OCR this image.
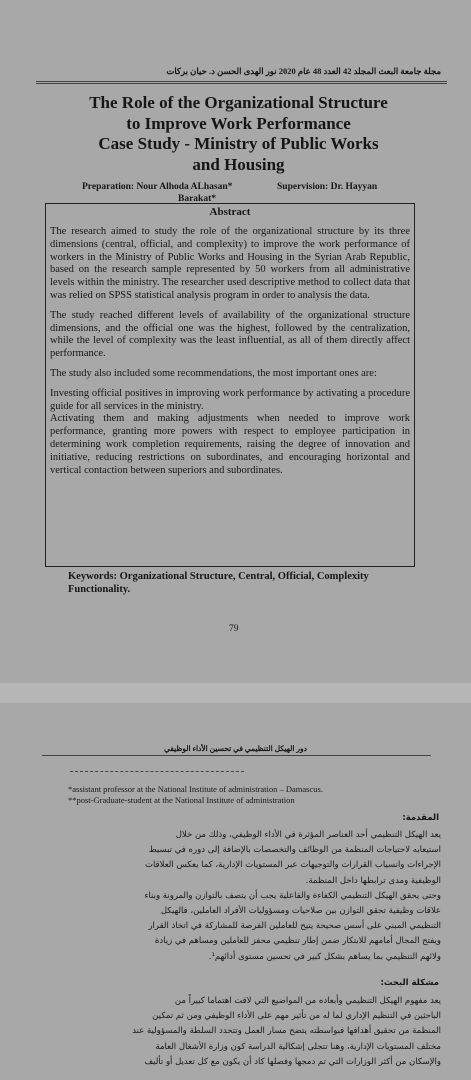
مجلة جامعة البعث المجلد 42 العدد 48 عام 2020 نور الهدى الحسن د. حيان بركات
The Role of the Organizational Structure
to Improve Work Performance
Case Study - Ministry of Public Works
and Housing
Preparation: Nour Alhoda ALhasan*	Supervision: Dr. Hayyan
Barakat*
Abstract

The research aimed to study the role of the organizational structure by its three dimensions (central, official, and complexity) to improve the work performance of workers in the Ministry of Public Works and Housing in the Syrian Arab Republic, based on the research sample represented by 50 workers from all administrative levels within the ministry. The researcher used descriptive method to collect data that was relied on SPSS statistical analysis program in order to analysis the data.

The study reached different levels of availability of the organizational structure dimensions, and the official one was the highest, followed by the centralization, while the level of complexity was the least influential, as all of them directly affect performance.

The study also included some recommendations, the most important ones are:

Investing official positives in improving work performance by activating a procedure guide for all services in the ministry.

Activating them and making adjustments when needed to improve work performance, granting more powers with respect to employee participation in determining work completion requirements, raising the degree of innovation and initiative, reducing restrictions on subordinates, and encouraging horizontal and vertical contaction between superiors and subordinates.

Keywords: Organizational Structure, Central, Official, Complexity Functionality.
79
دور الهيكل التنظيمي في تحسين الأداء الوظيفي
*assistant professor at the National Institute of administration – Damascus.
**post-Graduate-student at the National Institute of administration
المقدمة:
يعد الهيكل التنظيمي أحد العناصر المؤثرة في الأداء الوظيفي، وذلك من خلال
استيعابه لاحتياجات المنظمة من الوظائف والتخصصات بالإضافة إلى دوره في تبسيط
الإجراءات وانسياب القرارات والتوجيهات عبر المستويات الإدارية، كما يعكس العلاقات
الوظيفية ومدى ترابطها داخل المنظمة.
وحتى يحقق الهيكل التنظيمي الكفاءة والفاعلية يجب أن يتصف بالتوازن والمرونة وبناء
علاقات وظيفية تحقق التوازن بين صلاحيات ومسؤوليات الأفراد العاملين، فالهيكل
التنظيمي المبني على أسس صحيحة يتيح للعاملين الفرصة للمشاركة في اتخاذ القرار
ويفتح المجال أمامهم للابتكار ضمن إطار تنظيمي محفز للعاملين ومساهم في زيادة
ولائهم التنظيمي بما يساهم بشكل كبير في تحسين مستوى أدائهم¹.
مشكلة البحث:
يعد مفهوم الهيكل التنظيمي وأبعاده من المواضيع التي لاقت اهتماما كبيراً من
الباحثين في التنظيم الإداري لما له من تأثير مهم على الأداء الوظيفي ومن ثم تمكين
المنظمة من تحقيق أهدافها فبواسطته يتضح مسار العمل وتتحدد السلطة والمسؤولية عند
مختلف المستويات الإدارية، وهنا تتجلى إشكالية الدراسة كون وزارة الأشغال العامة
والإسكان من أكثر الوزارات التي تم دمجها وفصلها كاد أن يكون مع كل تعديل أو تأليف
